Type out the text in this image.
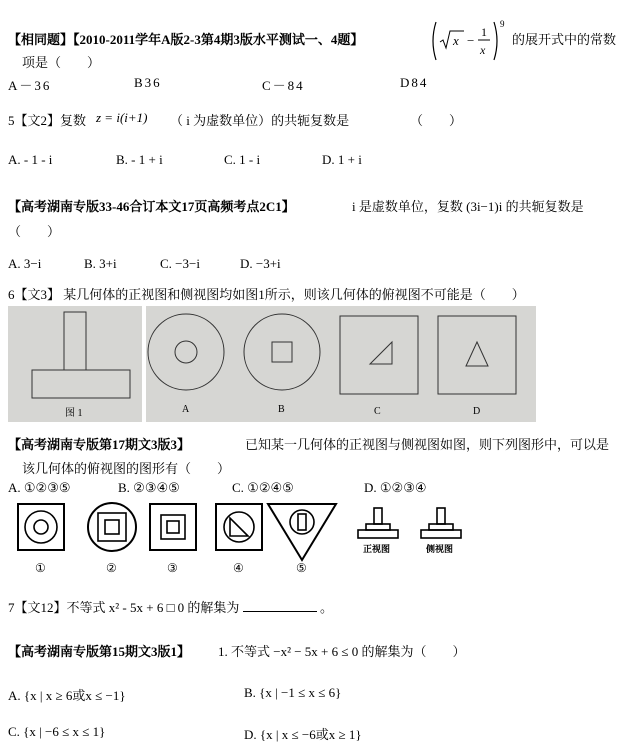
【相同题】【2010-2011学年A版2-3第4期3版水平测试一、4题】	x −
1
x
9
的展开式中的常数
项是（　　）
A－36	B36	C－84	D84
5【文2】复数 z = i(i+1) （ i 为虚数单位）的共轭复数是	（　　）
A. - 1 - i	B. - 1 + i	C. 1 - i	D. 1 + i
【高考湖南专版33-46合订本文17页高频考点2C1】	i 是虚数单位，复数 (3i−1)i 的共轭复数是
（　　）
A. 3−i	B. 3+i	C. −3−i	D. −3+i
6【文3】 某几何体的正视图和侧视图均如图1所示，则该几何体的俯视图不可能是（　　）
图 1	A	B	C	D
【高考湖南专版第17期文3版3】	已知某一几何体的正视图与侧视图如图，则下列图形中，可以是
该几何体的俯视图的图形有（　　）
A. ①②③⑤	B. ②③④⑤	C. ①②④⑤	D. ①②③④
①	②	③	④	⑤
正视图	侧视图
7【文12】不等式 x² - 5x + 6 □ 0 的解集为	。
【高考湖南专版第15期文3版1】 1. 不等式 −x² − 5x + 6 ≤ 0 的解集为（　　）
A. {x | x ≥ 6或x ≤ −1}	B. {x | −1 ≤ x ≤ 6}
C. {x | −6 ≤ x ≤ 1}	D. {x | x ≤ −6或x ≥ 1}
